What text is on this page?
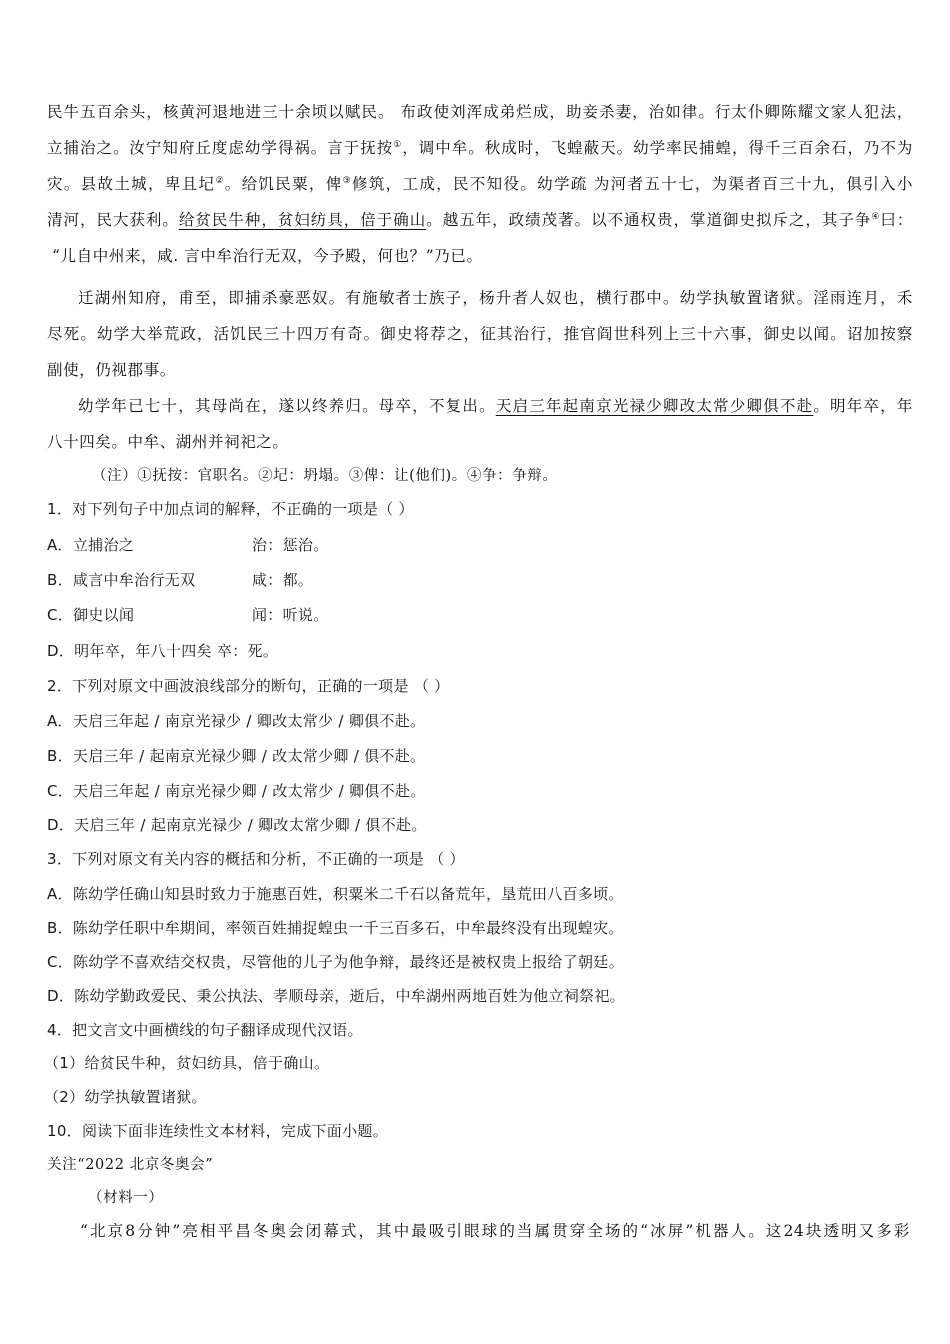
民牛五百余头，核黄河退地进三十余顷以赋民。 布政使刘浑成弟烂成，助妾杀妻，治如律。行太仆卿陈耀文家人犯法，
立捕治之。汝宁知府丘度虑幼学得祸。言于抚按①，调中牟。秋成时，飞蝗蔽天。幼学率民捕蝗，得千三百余石，乃不为
灾。县故土城，卑且圮②。给饥民粟，俾③修筑，工成，民不知役。幼学疏 为河者五十七，为渠者百三十九，俱引入小
清河，民大获利。给贫民牛种，贫妇纺具，倍于确山。越五年，政绩茂著。以不通权贵，掌道御史拟斥之，其子争④曰：
“儿自中州来，咸. 言中牟治行无双，今予殿，何也？”乃已。
迁湖州知府，甫至，即捕杀豪恶奴。有施敏者士族子，杨升者人奴也，横行郡中。幼学执敏置诸狱。淫雨连月，禾
尽死。幼学大举荒政，活饥民三十四万有奇。御史将荐之，征其治行，推官阎世科列上三十六事，御史以闻。诏加按察
副使，仍视郡事。
幼学年已七十，其母尚在，遂以终养归。母卒，不复出。天启三年起南京光禄少卿改太常少卿俱不赴。明年卒，年
八十四矣。中牟、湖州并祠祀之。
（注）①抚按：官职名。②圮：坍塌。③俾：让(他们)。④争：争辩。
1．对下列句子中加点词的解释，不正确的一项是（ ）
A．立捕治之	治：惩治。
B．咸言中牟治行无双	咸：都。
C．御史以闻	闻：听说。
D．明年卒，年八十四矣 卒：死。
2．下列对原文中画波浪线部分的断句，正确的一项是 （ ）
A．天启三年起 / 南京光禄少 / 卿改太常少 / 卿俱不赴。
B．天启三年 / 起南京光禄少卿 / 改太常少卿 / 俱不赴。
C．天启三年起 / 南京光禄少卿 / 改太常少 / 卿俱不赴。
D．天启三年 / 起南京光禄少 / 卿改太常少卿 / 俱不赴。
3．下列对原文有关内容的概括和分析，不正确的一项是 （ ）
A．陈幼学任确山知县时致力于施惠百姓，积粟米二千石以备荒年，垦荒田八百多顷。
B．陈幼学任职中牟期间，率领百姓捕捉蝗虫一千三百多石，中牟最终没有出现蝗灾。
C．陈幼学不喜欢结交权贵，尽管他的儿子为他争辩，最终还是被权贵上报给了朝廷。
D．陈幼学勤政爱民、秉公执法、孝顺母亲，逝后，中牟湖州两地百姓为他立祠祭祀。
4．把文言文中画横线的句子翻译成现代汉语。
（1）给贫民牛种，贫妇纺具，倍于确山。
（2）幼学执敏置诸狱。
10．阅读下面非连续性文本材料，完成下面小题。
关注“2022 北京冬奥会”
（材料一）
“北京8分钟”亮相平昌冬奥会闭幕式，其中最吸引眼球的当属贯穿全场的“冰屏”机器人。这24块透明又多彩
